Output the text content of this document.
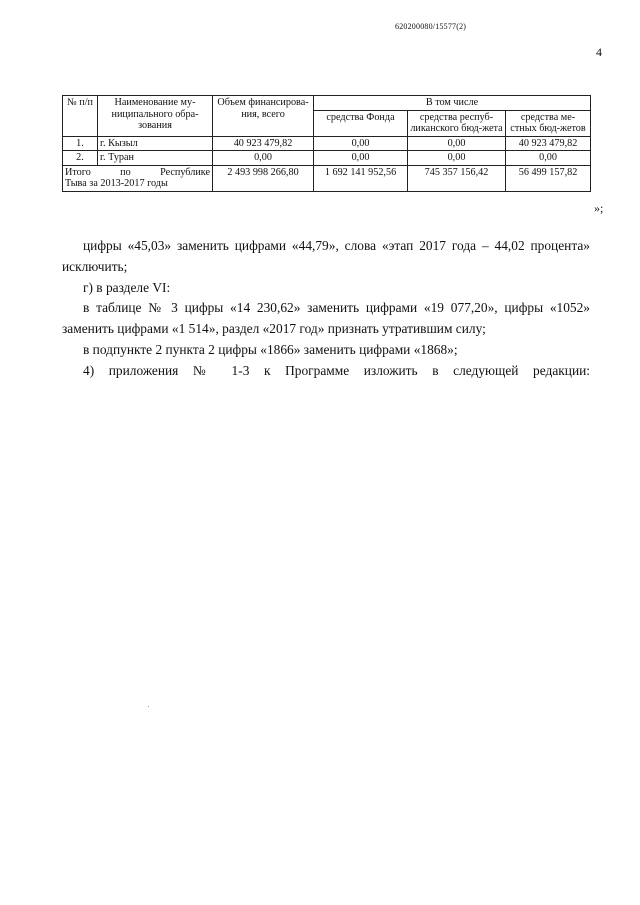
620200080/15577(2)
4
№ п/п	Наименование му-ниципального обра-зования	Объем финансирова-ния, всего	В том числе		
			средства Фонда	средства респуб-ликанского бюд-жета	средства ме-стных бюд-жетов
1.	г. Кызыл	40 923 479,82	0,00	0,00	40 923 479,82
2.	г. Туран	0,00	0,00	0,00	0,00

Итого по Республике
Тыва за 2013-2017 годы		2 493 998 266,80	1 692 141 952,56	745 357 156,42	56 499 157,82
»;

цифры «45,03» заменить цифрами «44,79», слова «этап 2017 года – 44,02 процента» исключить;

г) в разделе VI:

в таблице № 3 цифры «14 230,62» заменить цифрами «19 077,20», цифры «1052» заменить цифрами «1 514», раздел «2017 год» признать утратившим силу;

в подпункте 2 пункта 2 цифры «1866» заменить цифрами «1868»;

4) приложения № 1-3 к Программе изложить в следующей редакции:
